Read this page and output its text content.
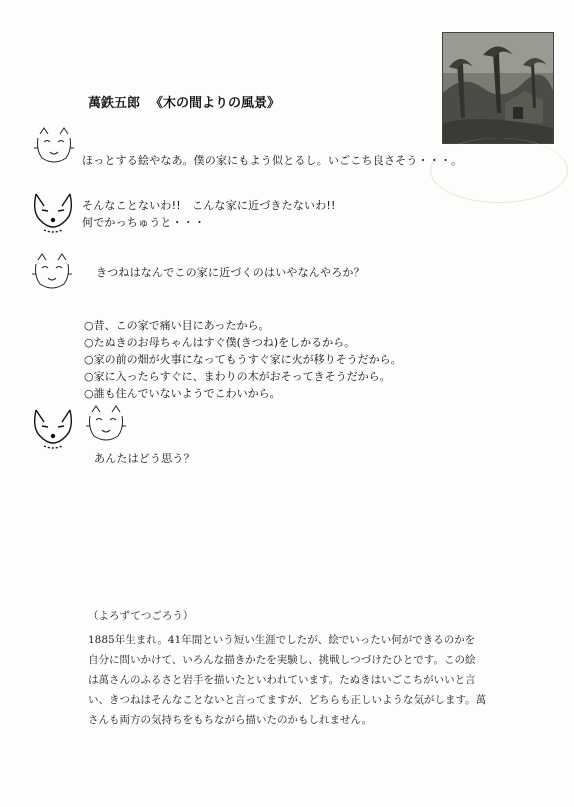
萬鉄五郎 《木の間よりの風景》
ほっとする絵やなあ。僕の家にもよう似とるし。いごこち良さそう・・・。
そんなことないわ!!　こんな家に近づきたないわ!!
何でかっちゅうと・・・
きつねはなんでこの家に近づくのはいやなんやろか？
○昔、この家で痛い目にあったから。
○たぬきのお母ちゃんはすぐ僕(きつね)をしかるから。
○家の前の畑が火事になってもうすぐ家に火が移りそうだから。
○家に入ったらすぐに、まわりの木がおそってきそうだから。
○誰も住んでいないようでこわいから。
あんたはどう思う？
（よろずてつごろう）
1885年生まれ。41年間という短い生涯でしたが、絵でいったい何ができるのかを
自分に問いかけて、いろんな描きかたを実験し、挑戦しつづけたひとです。この絵
は萬さんのふるさと岩手を描いたといわれています。たぬきはいごこちがいいと言
い、きつねはそんなことないと言ってますが、どちらも正しいような気がします。萬
さんも両方の気持ちをもちながら描いたのかもしれません。
